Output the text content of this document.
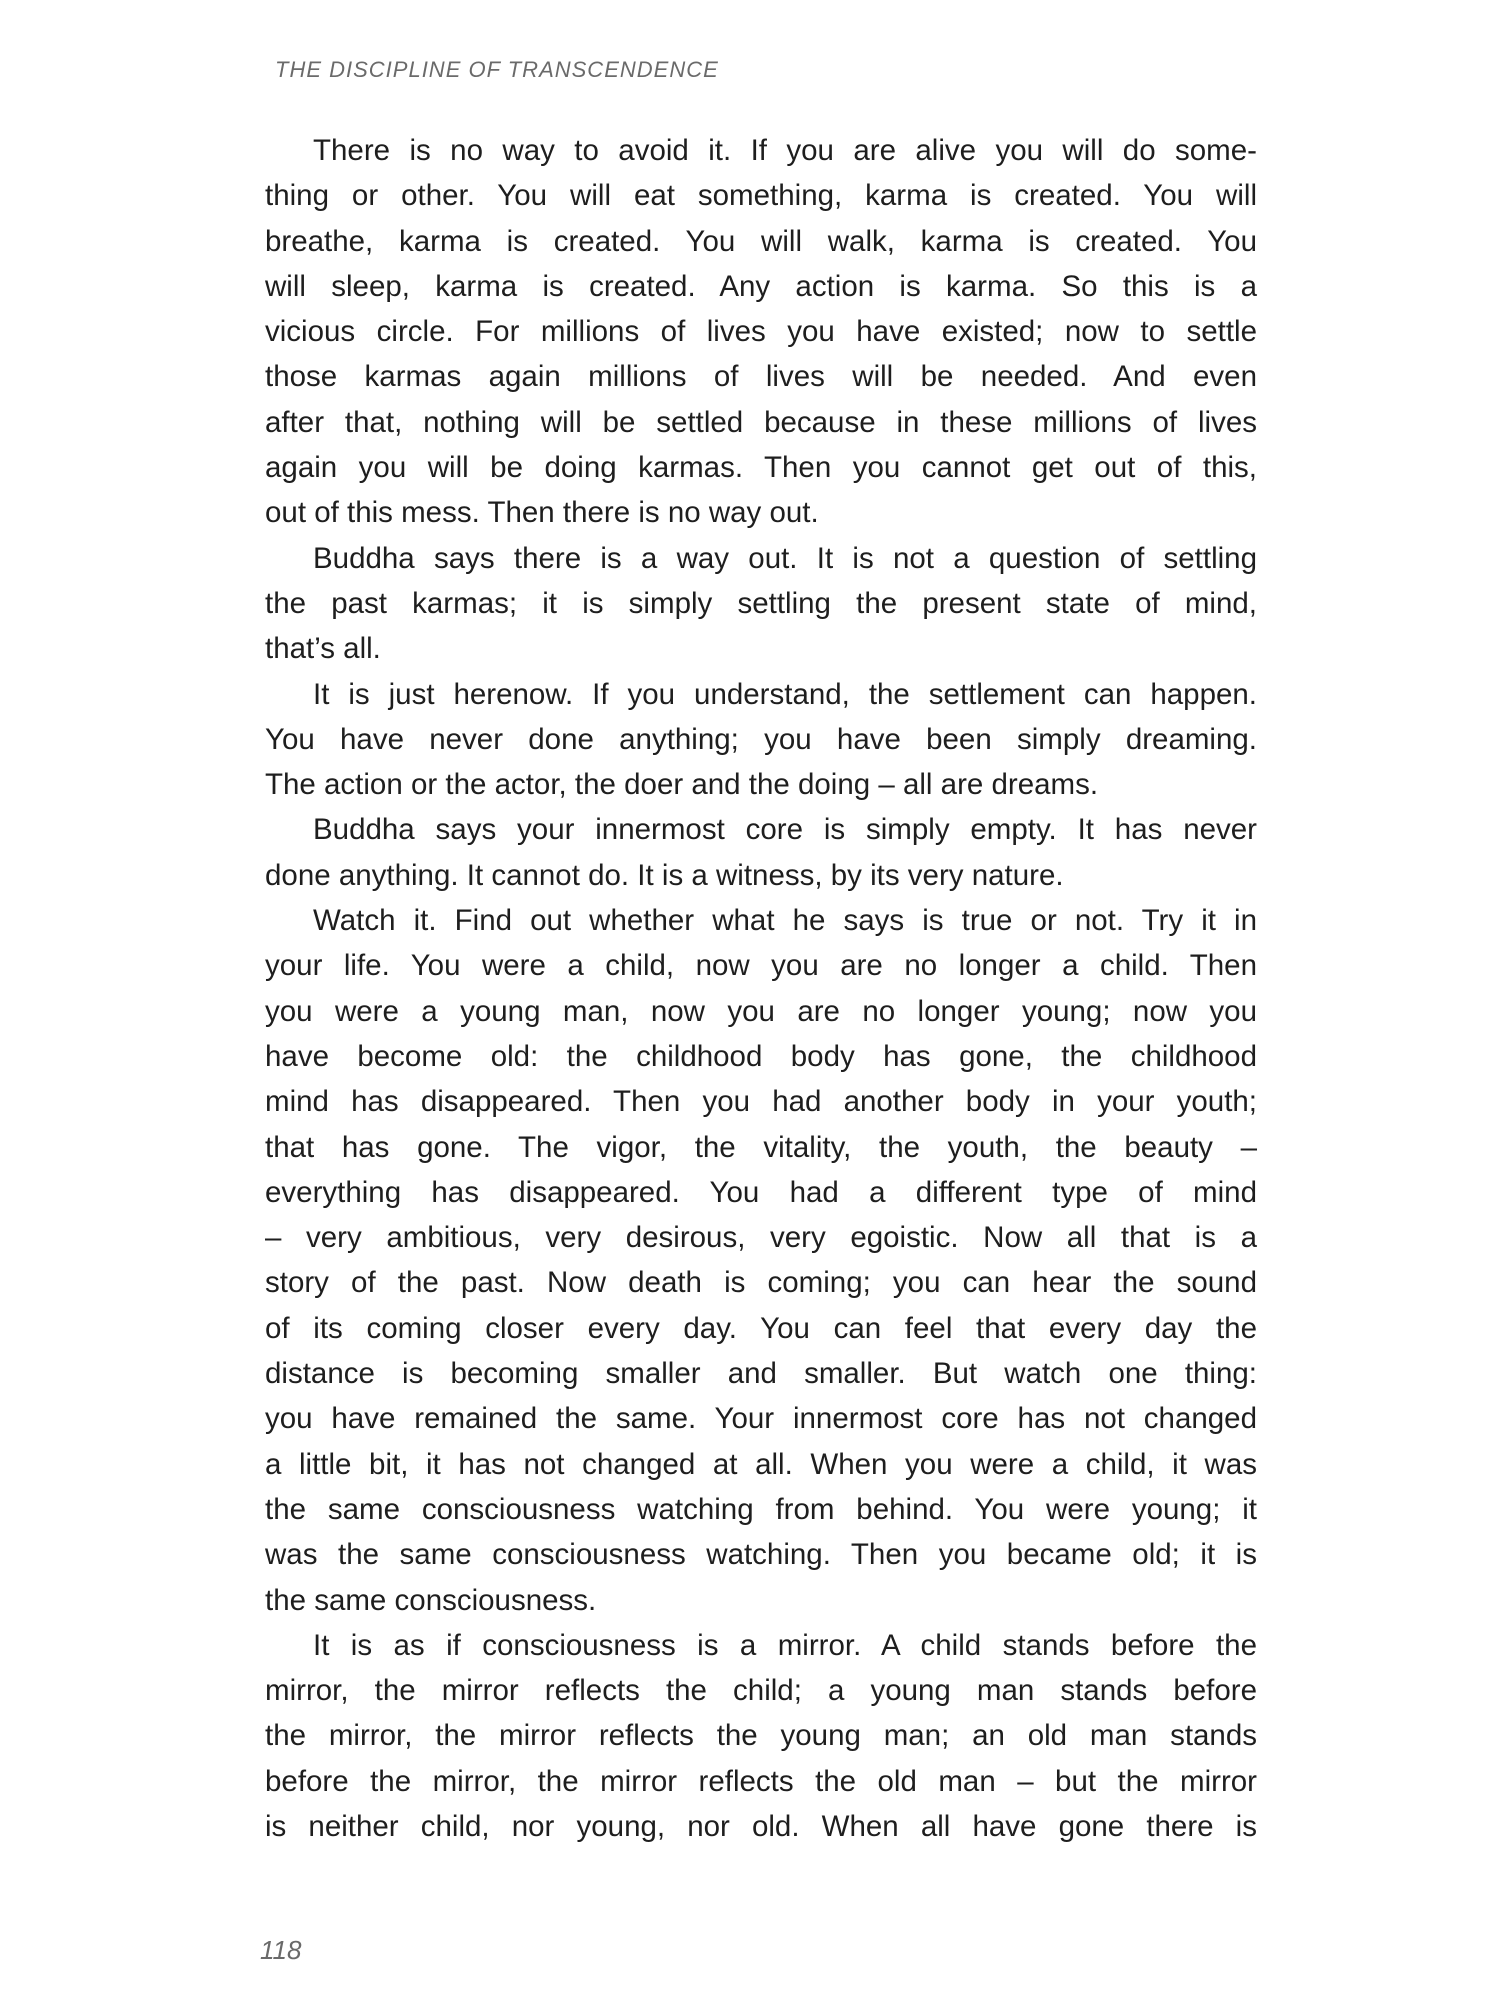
THE DISCIPLINE OF TRANSCENDENCE

There is no way to avoid it. If you are alive you will do some-
thing or other. You will eat something, karma is created. You will
breathe, karma is created. You will walk, karma is created. You
will sleep, karma is created. Any action is karma. So this is a
vicious circle. For millions of lives you have existed; now to settle
those karmas again millions of lives will be needed. And even
after that, nothing will be settled because in these millions of lives
again you will be doing karmas. Then you cannot get out of this,
out of this mess. Then there is no way out.

Buddha says there is a way out. It is not a question of settling
the past karmas; it is simply settling the present state of mind,
that’s all.

It is just herenow. If you understand, the settlement can happen.
You have never done anything; you have been simply dreaming.
The action or the actor, the doer and the doing – all are dreams.

Buddha says your innermost core is simply empty. It has never
done anything. It cannot do. It is a witness, by its very nature.

Watch it. Find out whether what he says is true or not. Try it in
your life. You were a child, now you are no longer a child. Then
you were a young man, now you are no longer young; now you
have become old: the childhood body has gone, the childhood
mind has disappeared. Then you had another body in your youth;
that has gone. The vigor, the vitality, the youth, the beauty –
everything has disappeared. You had a different type of mind
– very ambitious, very desirous, very egoistic. Now all that is a
story of the past. Now death is coming; you can hear the sound
of its coming closer every day. You can feel that every day the
distance is becoming smaller and smaller. But watch one thing:
you have remained the same. Your innermost core has not changed
a little bit, it has not changed at all. When you were a child, it was
the same consciousness watching from behind. You were young; it
was the same consciousness watching. Then you became old; it is
the same consciousness.

It is as if consciousness is a mirror. A child stands before the
mirror, the mirror reflects the child; a young man stands before
the mirror, the mirror reflects the young man; an old man stands
before the mirror, the mirror reflects the old man – but the mirror
is neither child, nor young, nor old. When all have gone there is

118
